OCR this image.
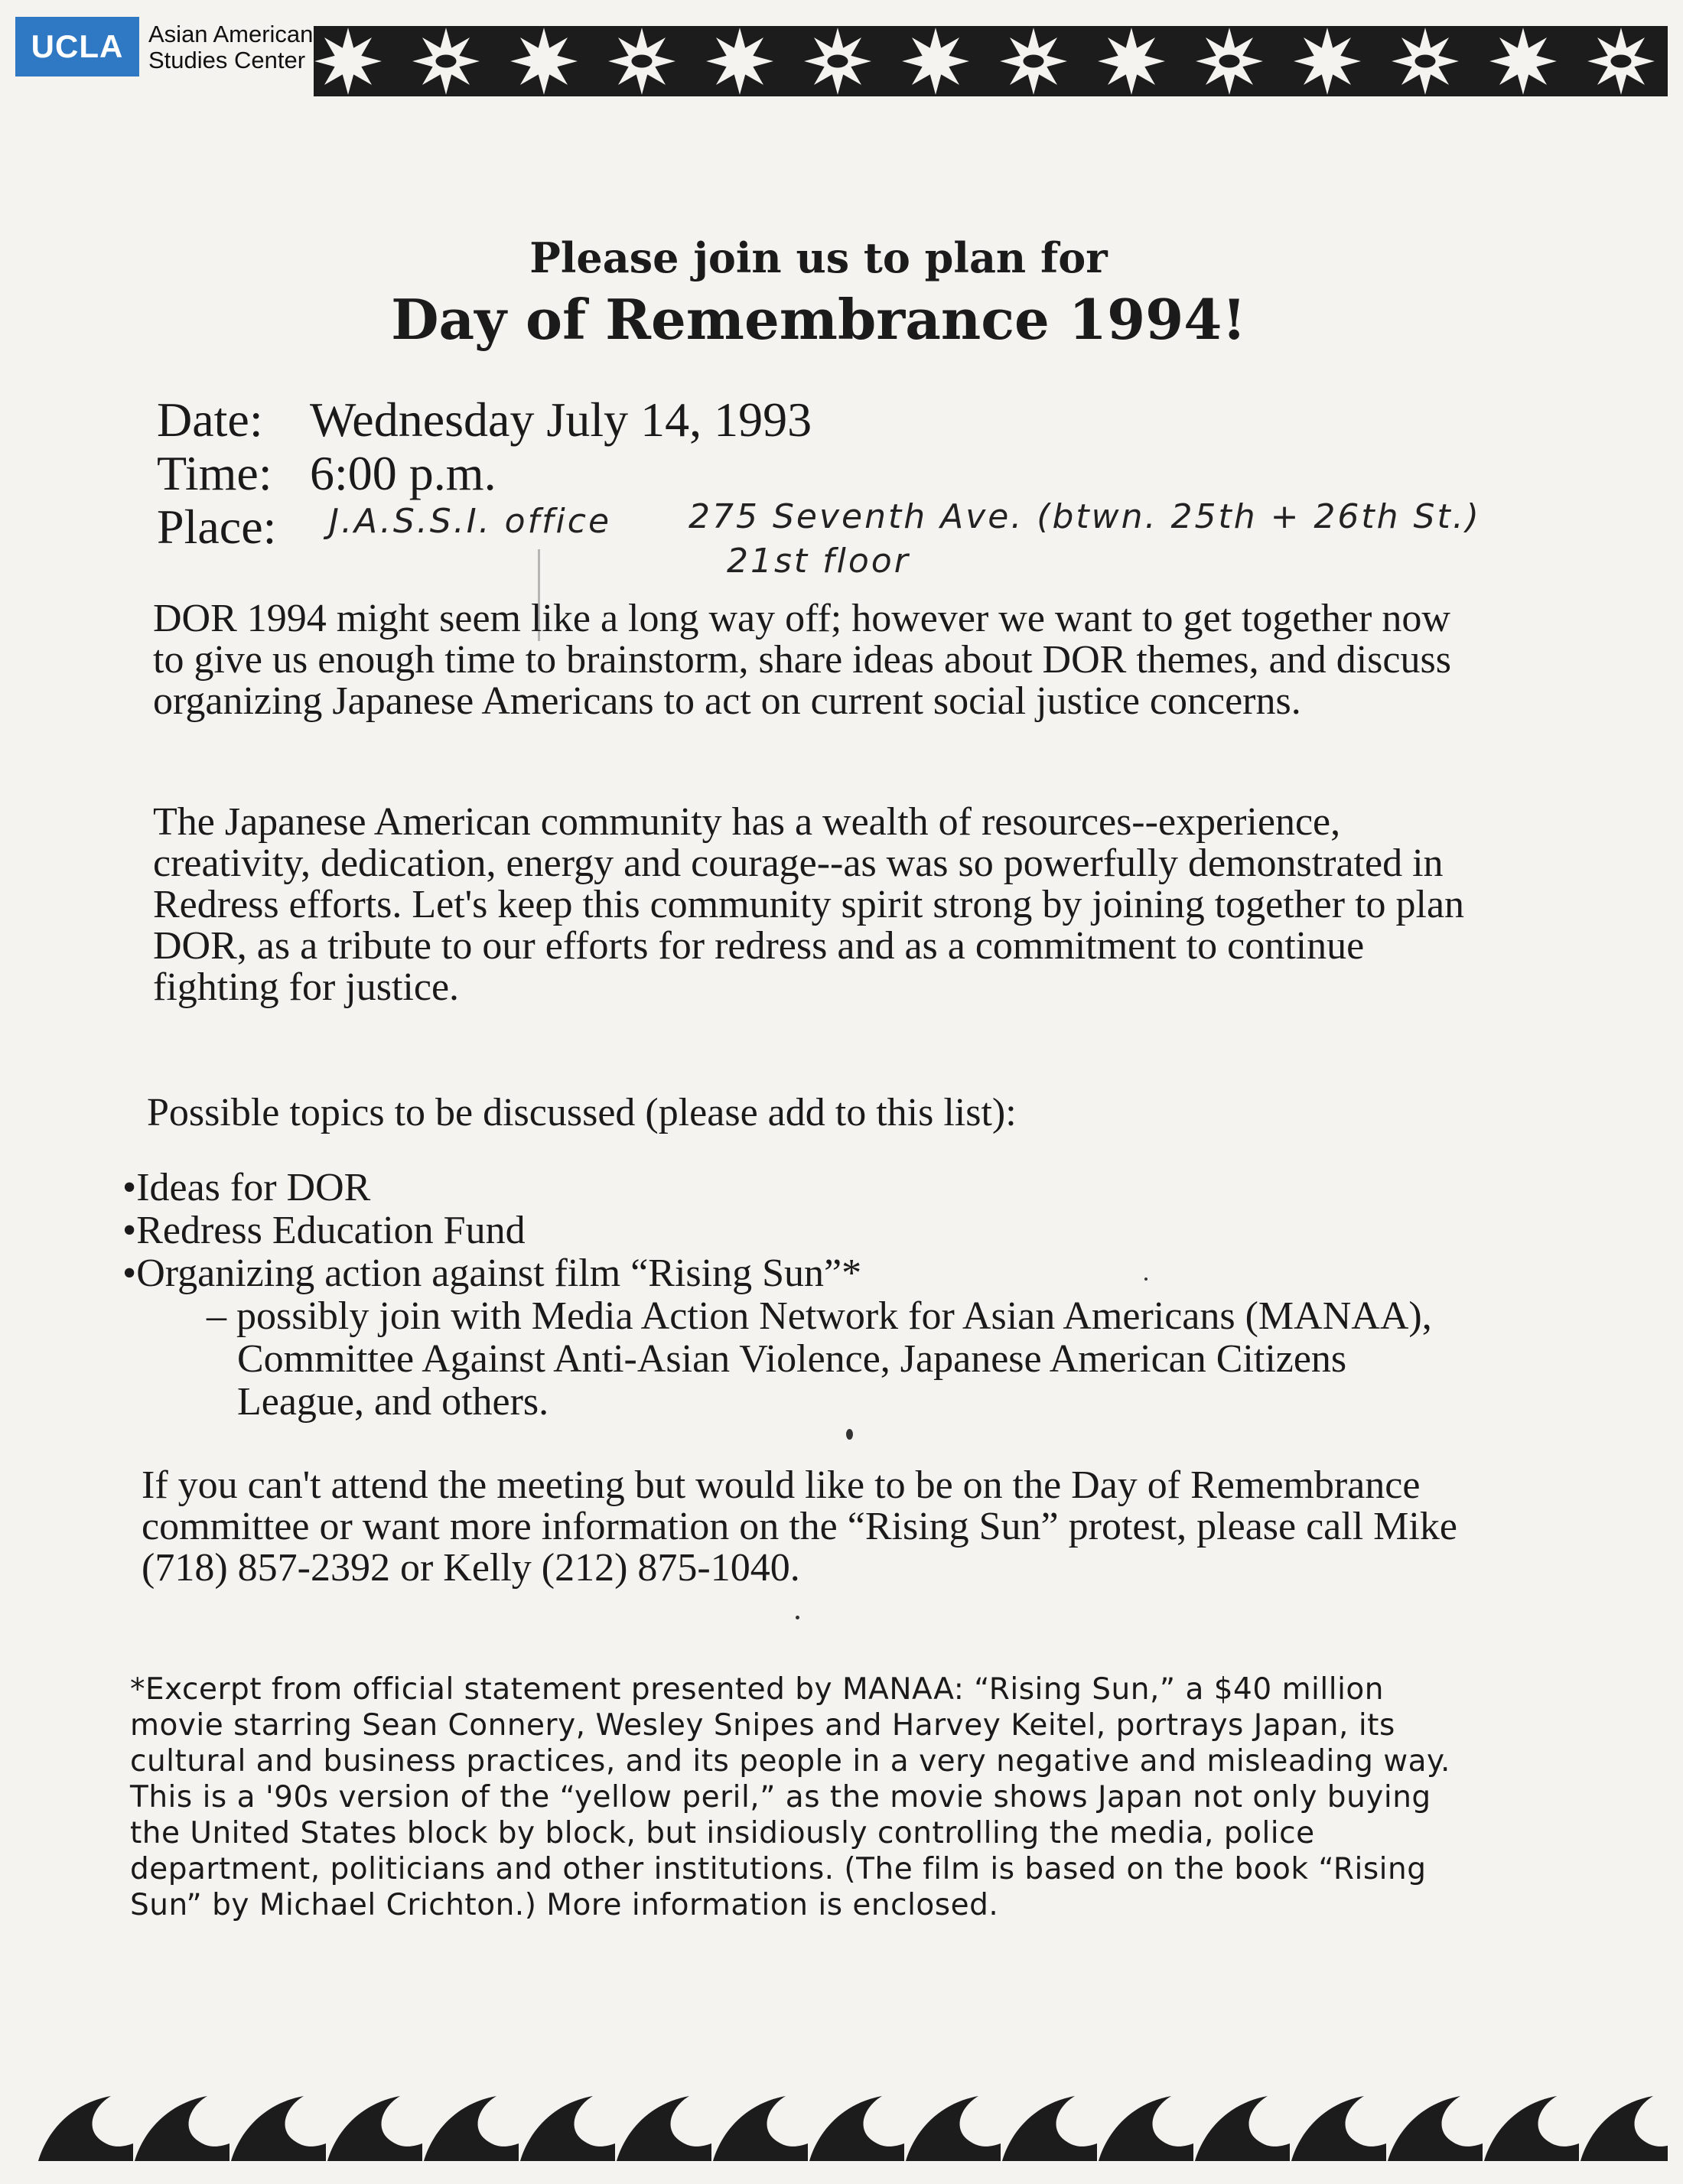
UCLA	Asian American
Studies Center
Please join us to plan for
Day of Remembrance 1994!
Date: Wednesday July 14, 1993
Time: 6:00 p.m.
Place:	J.A.S.S.I. office 275 Seventh Ave. (btwn. 25th + 26th St.)
21st floor
DOR 1994 might seem like a long way off; however we want to get together now to give us enough time to brainstorm, share ideas about DOR themes, and discuss organizing Japanese Americans to act on current social justice concerns.
The Japanese American community has a wealth of resources--experience, creativity, dedication, energy and courage--as was so powerfully demonstrated in Redress efforts. Let's keep this community spirit strong by joining together to plan DOR, as a tribute to our efforts for redress and as a commitment to continue fighting for justice.
Possible topics to be discussed (please add to this list):
•Ideas for DOR
•Redress Education Fund
•Organizing action against film “Rising Sun”*
– possibly join with Media Action Network for Asian Americans (MANAA), Committee Against Anti-Asian Violence, Japanese American Citizens League, and others.
If you can't attend the meeting but would like to be on the Day of Remembrance committee or want more information on the “Rising Sun” protest, please call Mike (718) 857-2392 or Kelly (212) 875-1040.
*Excerpt from official statement presented by MANAA: “Rising Sun,” a $40 million movie starring Sean Connery, Wesley Snipes and Harvey Keitel, portrays Japan, its cultural and business practices, and its people in a very negative and misleading way. This is a '90s version of the “yellow peril,” as the movie shows Japan not only buying the United States block by block, but insidiously controlling the media, police department, politicians and other institutions. (The film is based on the book “Rising Sun” by Michael Crichton.) More information is enclosed.
